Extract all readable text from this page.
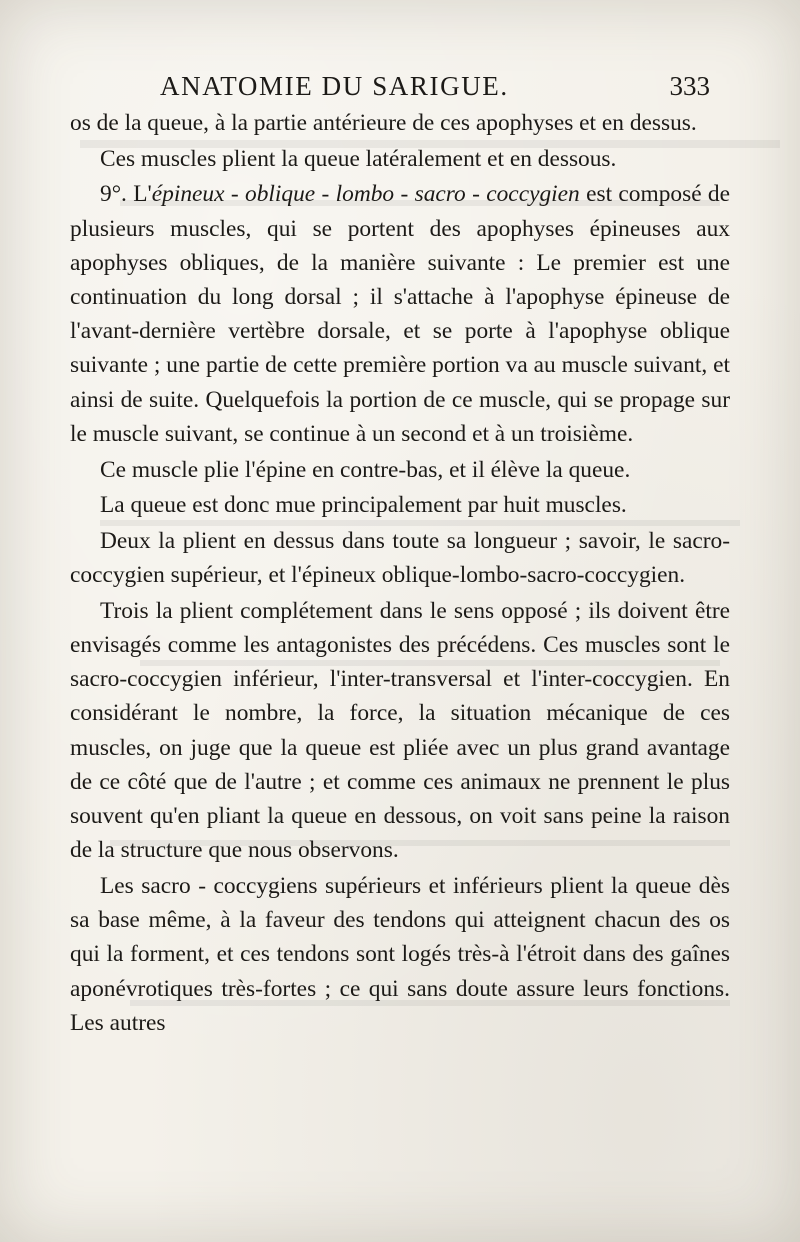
ANATOMIE DU SARIGUE.	333

os de la queue, à la partie antérieure de ces apophyses et en dessus.

Ces muscles plient la queue latéralement et en dessous.

9°. L'épineux - oblique - lombo - sacro - coccygien est composé de plusieurs muscles, qui se portent des apophyses épineuses aux apophyses obliques, de la manière suivante : Le premier est une continuation du long dorsal ; il s'attache à l'apophyse épineuse de l'avant-dernière vertèbre dorsale, et se porte à l'apophyse oblique suivante ; une partie de cette première portion va au muscle suivant, et ainsi de suite. Quelquefois la portion de ce muscle, qui se propage sur le muscle suivant, se continue à un second et à un troisième.

Ce muscle plie l'épine en contre-bas, et il élève la queue.

La queue est donc mue principalement par huit muscles.

Deux la plient en dessus dans toute sa longueur ; savoir, le sacro-coccygien supérieur, et l'épineux oblique-lombo-sacro-coccygien.

Trois la plient complétement dans le sens opposé ; ils doivent être envisagés comme les antagonistes des précédens. Ces muscles sont le sacro-coccygien inférieur, l'inter-transversal et l'inter-coccygien. En considérant le nombre, la force, la situation mécanique de ces muscles, on juge que la queue est pliée avec un plus grand avantage de ce côté que de l'autre ; et comme ces animaux ne prennent le plus souvent qu'en pliant la queue en dessous, on voit sans peine la raison de la structure que nous observons.

Les sacro - coccygiens supérieurs et inférieurs plient la queue dès sa base même, à la faveur des tendons qui atteignent chacun des os qui la forment, et ces tendons sont logés très-à l'étroit dans des gaînes aponévrotiques très-fortes ; ce qui sans doute assure leurs fonctions. Les autres
